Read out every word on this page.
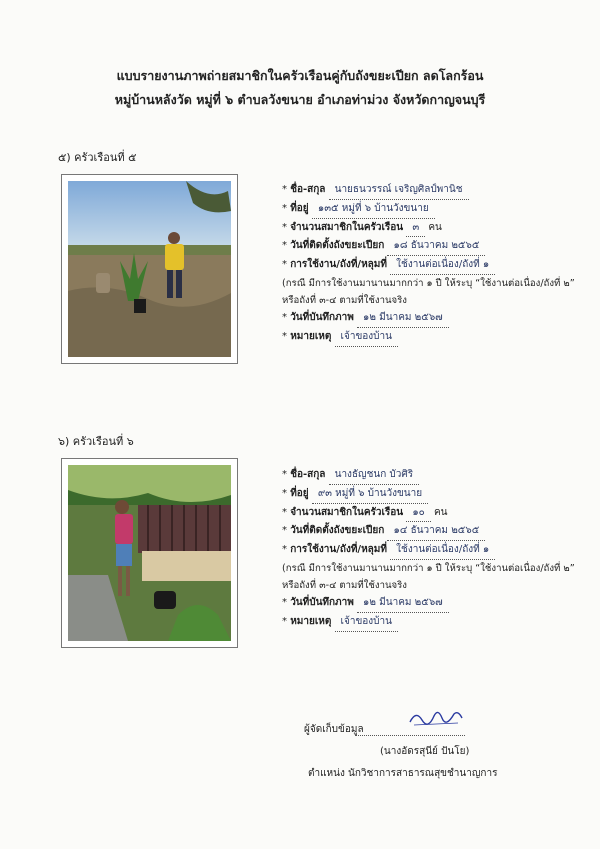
แบบรายงานภาพถ่ายสมาชิกในครัวเรือนคู่กับถังขยะเปียก ลดโลกร้อน
หมู่บ้านหลังวัด หมู่ที่ ๖ ตำบลวังขนาย อำเภอท่าม่วง จังหวัดกาญจนบุรี
๕) ครัวเรือนที่ ๕
* ชื่อ-สกุล นายธนวรรณ์ เจริญศิลป์พานิช
* ที่อยู่ ๑๓๕ หมู่ที่ ๖ บ้านวังขนาย
* จำนวนสมาชิกในครัวเรือน ๓ คน
* วันที่ติดตั้งถังขยะเปียก ๑๘ ธันวาคม ๒๕๖๕
* การใช้งาน/ถังที่/หลุมที่ ใช้งานต่อเนื่อง/ถังที่ ๑
(กรณี มีการใช้งานมานานมากกว่า ๑ ปี ให้ระบุ “ใช้งานต่อเนื่อง/ถังที่ ๒” หรือถังที่ ๓-๔ ตามที่ใช้งานจริง
* วันที่บันทึกภาพ ๑๒ มีนาคม ๒๕๖๗
* หมายเหตุ เจ้าของบ้าน
๖) ครัวเรือนที่ ๖
* ชื่อ-สกุล นางธัญชนก บัวศิริ
* ที่อยู่ ๙๓ หมู่ที่ ๖ บ้านวังขนาย
* จำนวนสมาชิกในครัวเรือน ๑๐ คน
* วันที่ติดตั้งถังขยะเปียก ๑๔ ธันวาคม ๒๕๖๕
* การใช้งาน/ถังที่/หลุมที่ ใช้งานต่อเนื่อง/ถังที่ ๑
(กรณี มีการใช้งานมานานมากกว่า ๑ ปี ให้ระบุ “ใช้งานต่อเนื่อง/ถังที่ ๒” หรือถังที่ ๓-๔ ตามที่ใช้งานจริง
* วันที่บันทึกภาพ ๑๒ มีนาคม ๒๕๖๗
* หมายเหตุ เจ้าของบ้าน
ผู้จัดเก็บข้อมูล
(นางอัดรสุนีย์ ปันโย)
ตำแหน่ง นักวิชาการสาธารณสุขชำนาญการ
